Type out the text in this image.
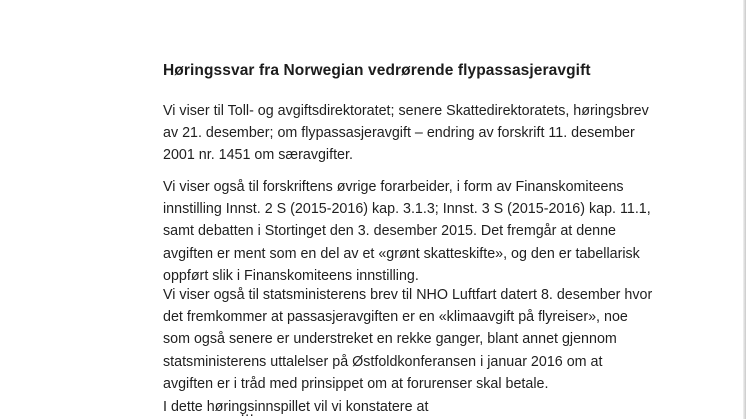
Høringssvar fra Norwegian vedrørende flypassasjeravgift
Vi viser til Toll- og avgiftsdirektoratet; senere Skattedirektoratets, høringsbrev
av 21. desember; om flypassasjeravgift – endring av forskrift 11. desember
2001 nr. 1451 om særavgifter.
Vi viser også til forskriftens øvrige forarbeider, i form av Finanskomiteens
innstilling Innst. 2 S (2015-2016) kap. 3.1.3; Innst. 3 S (2015-2016) kap. 11.1,
samt debatten i Stortinget den 3. desember 2015. Det fremgår at denne
avgiften er ment som en del av et «grønt skatteskifte», og den er tabellarisk
oppført slik i Finanskomiteens innstilling.
Vi viser også til statsministerens brev til NHO Luftfart datert 8. desember hvor
det fremkommer at passasjeravgiften er en «klimaavgift på flyreiser», noe
som også senere er understreket en rekke ganger, blant annet gjennom
statsministerens uttalelser på Østfoldkonferansen i januar 2016 om at
avgiften er i tråd med prinsippet om at forurenser skal betale.
I dette høringsinnspillet vil vi konstatere at
